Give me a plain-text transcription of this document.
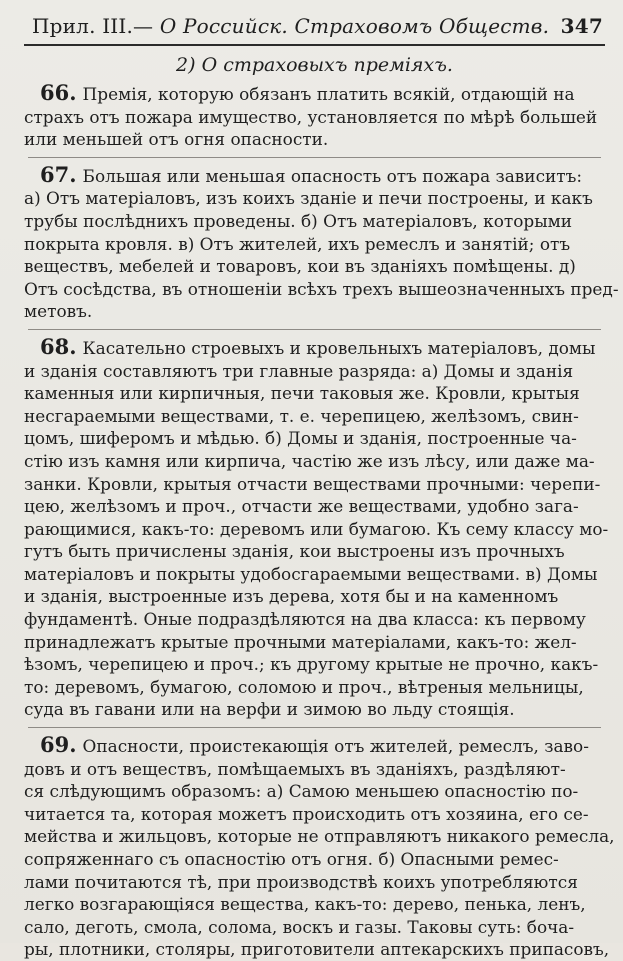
Прил. III.— О Российск. Страховомъ Обществ. 347
2) О страховыхъ преміяхъ.
66. Премія, которую обязанъ платить всякій, отдающій на
страхъ отъ пожара имущество, установляется по мѣрѣ большей
или меньшей отъ огня опасности.
67. Большая или меньшая опасность отъ пожара зависитъ:
а) Отъ матеріаловъ, изъ коихъ зданіе и печи построены, и какъ
трубы послѣднихъ проведены. б) Отъ матеріаловъ, которыми
покрыта кровля. в) Отъ жителей, ихъ ремеслъ и занятій; отъ
веществъ, мебелей и товаровъ, кои въ зданіяхъ помѣщены. д)
Отъ сосѣдства, въ отношеніи всѣхъ трехъ вышеозначенныхъ пред-
метовъ.
68. Касательно строевыхъ и кровельныхъ матеріаловъ, домы
и зданія составляютъ три главные разряда: а) Домы и зданія
каменныя или кирпичныя, печи таковыя же. Кровли, крытыя
несгараемыми веществами, т. е. черепицею, желѣзомъ, свин-
цомъ, шиферомъ и мѣдью. б) Домы и зданія, построенные ча-
стію изъ камня или кирпича, частію же изъ лѣсу, или даже ма-
занки. Кровли, крытыя отчасти веществами прочными: черепи-
цею, желѣзомъ и проч., отчасти же веществами, удобно зага-
рающимися, какъ-то: деревомъ или бумагою. Къ сему классу мо-
гутъ быть причислены зданія, кои выстроены изъ прочныхъ
матеріаловъ и покрыты удобосгараемыми веществами. в) Домы
и зданія, выстроенные изъ дерева, хотя бы и на каменномъ
фундаментѣ. Оные подраздѣляются на два класса: къ первому
принадлежатъ крытые прочными матеріалами, какъ-то: жел-
ѣзомъ, черепицею и проч.; къ другому крытые не прочно, какъ-
то: деревомъ, бумагою, соломою и проч., вѣтреныя мельницы,
суда въ гавани или на верфи и зимою во льду стоящія.
69. Опасности, проистекающія отъ жителей, ремеслъ, заво-
довъ и отъ веществъ, помѣщаемыхъ въ зданіяхъ, раздѣляют-
ся слѣдующимъ образомъ: а) Самою меньшею опасностію по-
читается та, которая можетъ происходить отъ хозяина, его се-
мейства и жильцовъ, которые не отправляютъ никакого ремесла,
сопряженнаго съ опасностію отъ огня. б) Опасными ремес-
лами почитаются тѣ, при производствѣ коихъ употребляются
легко возгарающіяся вещества, какъ-то: дерево, пенька, ленъ,
сало, деготь, смола, солома, воскъ и газы. Таковы суть: боча-
ры, плотники, столяры, приготовители аптекарскихъ припасовъ,
